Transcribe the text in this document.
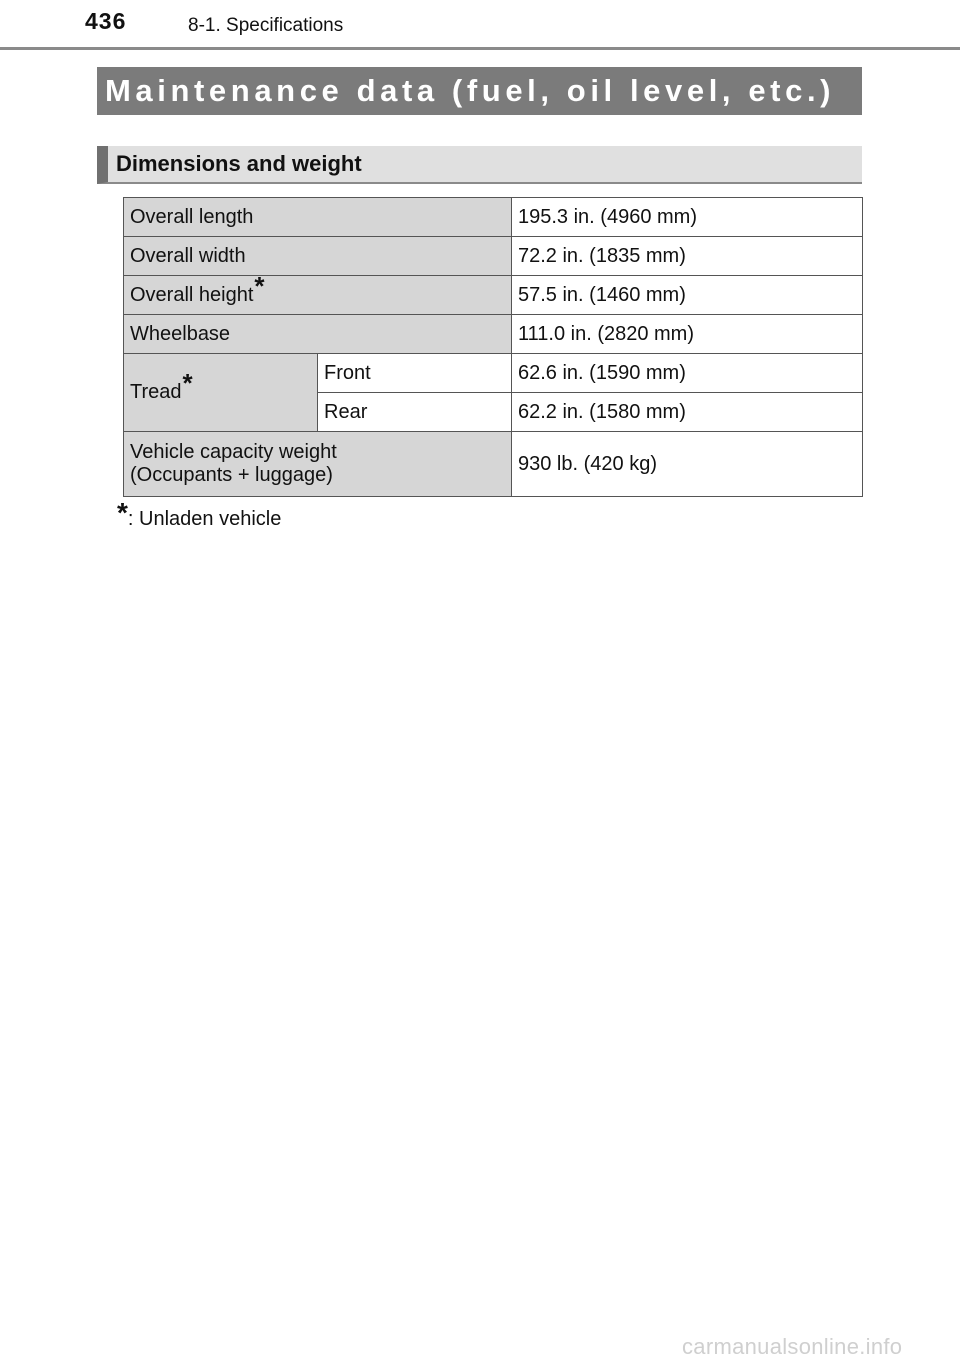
436	8-1. Specifications
Maintenance data (fuel, oil level, etc.)
Dimensions and weight
Overall length		195.3 in. (4960 mm)
Overall width		72.2 in. (1835 mm)
Overall height*		57.5 in. (1460 mm)
Wheelbase		111.0 in. (2820 mm)
Tread*	Front	62.6 in. (1590 mm)
	Rear	62.2 in. (1580 mm)

Vehicle capacity weight
(Occupants + luggage)		930 lb. (420 kg)
*: Unladen vehicle
carmanualsonline.info
